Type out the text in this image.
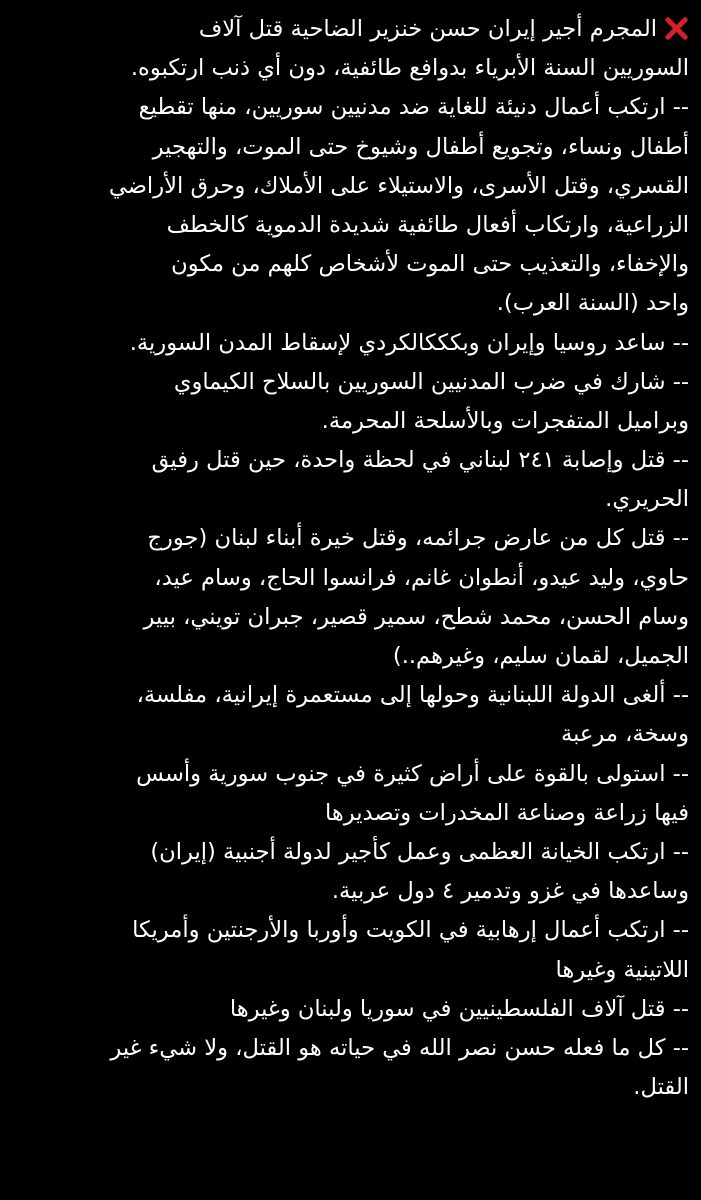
المجرم أجير إيران حسن خنزير الضاحية قتل آلاف
السوريين السنة الأبرياء بدوافع طائفية، دون أي ذنب ارتكبوه.
-- ارتكب أعمال دنيئة للغاية ضد مدنيين سوريين، منها تقطيع
أطفال ونساء، وتجويع أطفال وشيوخ حتى الموت، والتهجير
القسري، وقتل الأسرى، والاستيلاء على الأملاك، وحرق الأراضي
الزراعية، وارتكاب أفعال طائفية شديدة الدموية كالخطف
والإخفاء، والتعذيب حتى الموت لأشخاص كلهم من مكون
واحد (السنة العرب).
-- ساعد روسيا وإيران وبكككالكردي لإسقاط المدن السورية.
-- شارك في ضرب المدنيين السوريين بالسلاح الكيماوي
وبراميل المتفجرات وبالأسلحة المحرمة.
-- قتل وإصابة ٢٤١ لبناني في لحظة واحدة، حين قتل رفيق
الحريري.
-- قتل كل من عارض جرائمه، وقتل خيرة أبناء لبنان (جورج
حاوي، وليد عيدو، أنطوان غانم، فرانسوا الحاج، وسام عيد،
وسام الحسن، محمد شطح، سمير قصير، جبران تويني، بيير
الجميل، لقمان سليم، وغيرهم..)
-- ألغى الدولة اللبنانية وحولها إلى مستعمرة إيرانية، مفلسة،
وسخة، مرعبة
-- استولى بالقوة على أراض كثيرة في جنوب سورية وأسس
فيها زراعة وصناعة المخدرات وتصديرها
-- ارتكب الخيانة العظمى وعمل كأجير لدولة أجنبية (إيران)
وساعدها في غزو وتدمير ٤ دول عربية.
-- ارتكب أعمال إرهابية في الكويت وأوربا والأرجنتين وأمريكا
اللاتينية وغيرها
-- قتل آلاف الفلسطينيين في سوريا ولبنان وغيرها
-- كل ما فعله حسن نصر الله في حياته هو القتل، ولا شيء غير
القتل.
